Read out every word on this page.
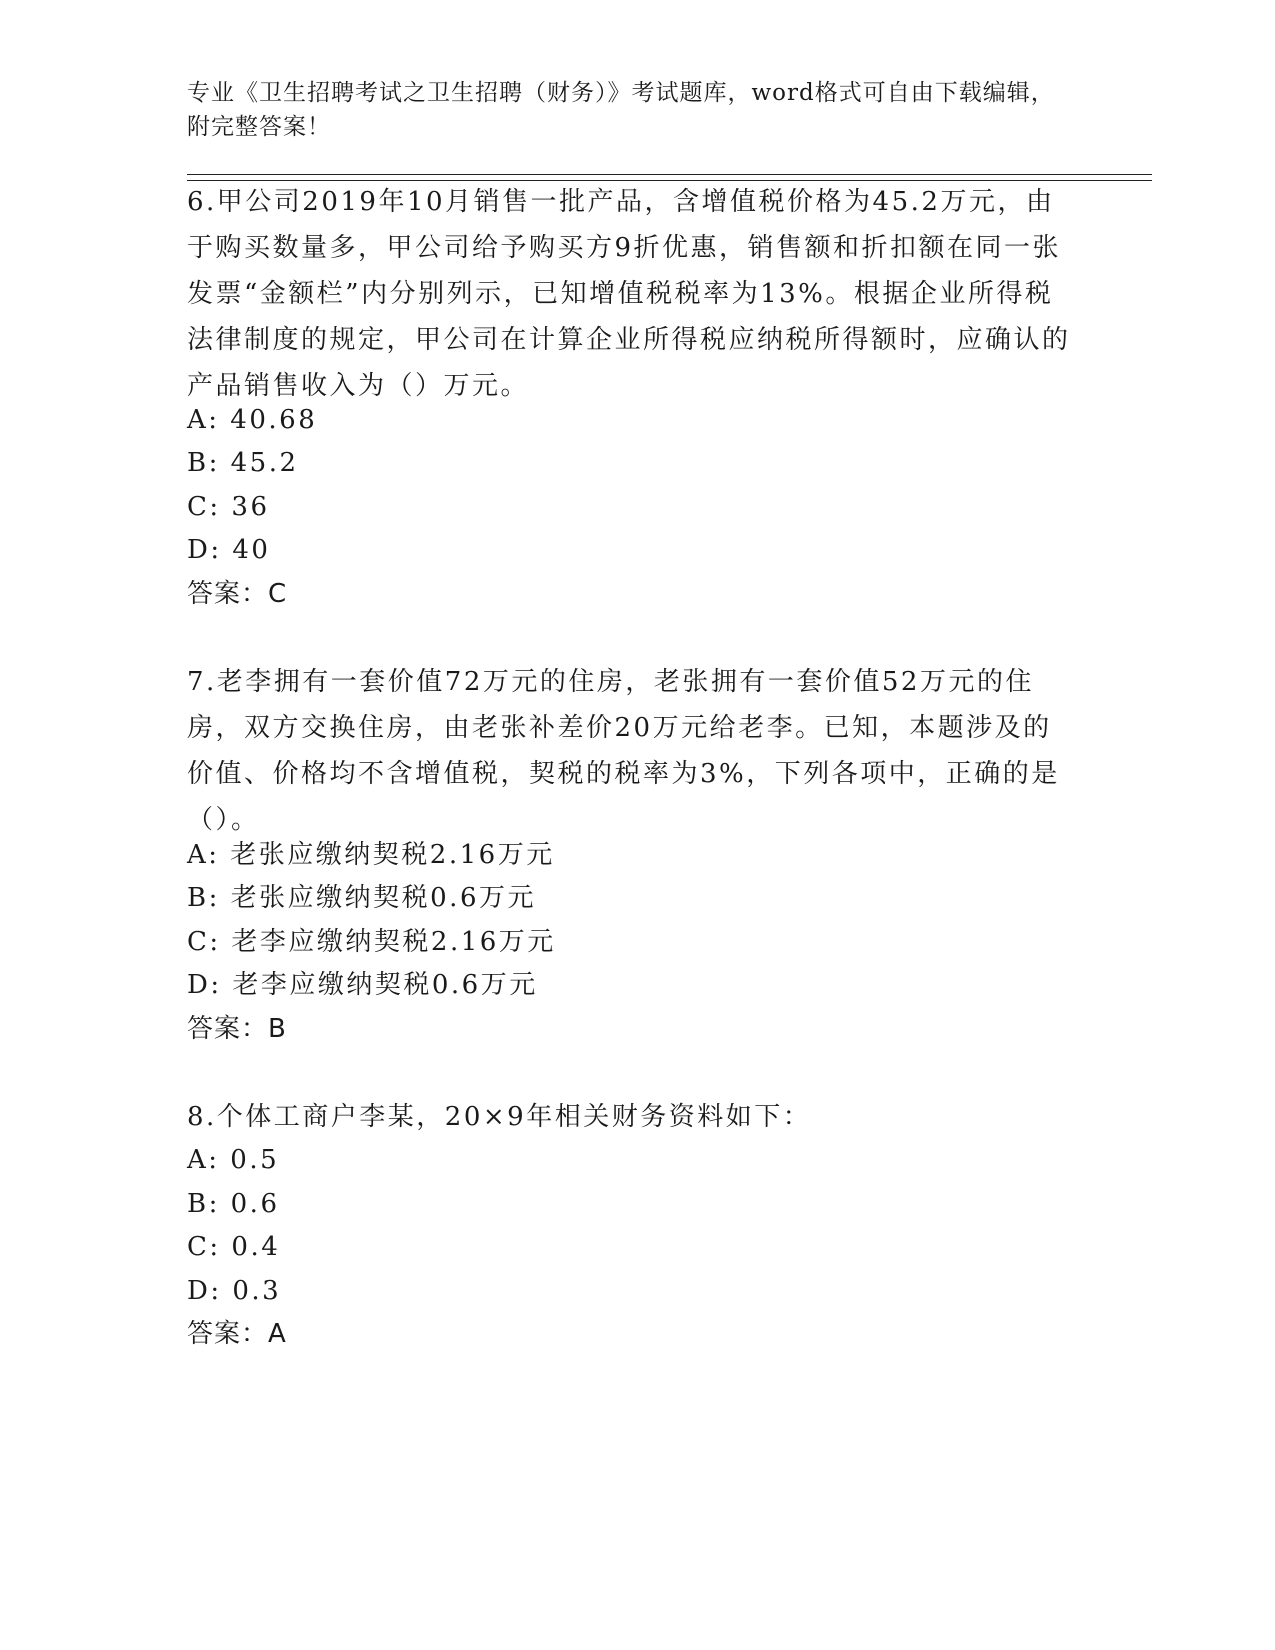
专业《卫生招聘考试之卫生招聘（财务）》考试题库，word格式可自由下载编辑，附完整答案！
6.甲公司2019年10月销售一批产品，含增值税价格为45.2万元，由于购买数量多，甲公司给予购买方9折优惠，销售额和折扣额在同一张发票“金额栏”内分别列示，已知增值税税率为13%。根据企业所得税法律制度的规定，甲公司在计算企业所得税应纳税所得额时，应确认的产品销售收入为（）万元。
A: 40.68
B: 45.2
C: 36
D: 40
答案：C
7.老李拥有一套价值72万元的住房，老张拥有一套价值52万元的住房，双方交换住房，由老张补差价20万元给老李。已知，本题涉及的价值、价格均不含增值税，契税的税率为3%，下列各项中，正确的是（）。
A: 老张应缴纳契税2.16万元
B: 老张应缴纳契税0.6万元
C: 老李应缴纳契税2.16万元
D: 老李应缴纳契税0.6万元
答案：B
8.个体工商户李某，20×9年相关财务资料如下：
A: 0.5
B: 0.6
C: 0.4
D: 0.3
答案：A
